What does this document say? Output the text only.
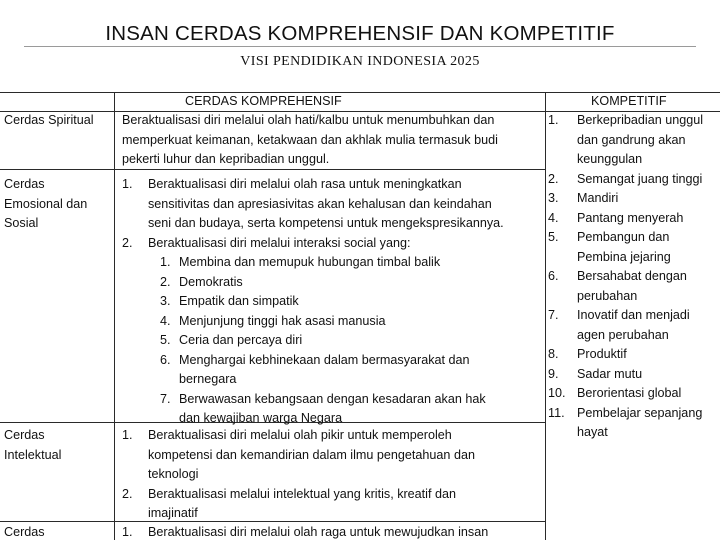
INSAN CERDAS KOMPREHENSIF DAN KOMPETITIF
VISI PENDIDIKAN INDONESIA 2025
CERDAS KOMPREHENSIF	KOMPETITIF
Cerdas Spiritual Beraktualisasi diri melalui olah hati/kalbu untuk menumbuhkan dan
memperkuat keimanan, ketakwaan dan akhlak mulia termasuk budi
pekerti luhur dan kepribadian unggul.
Cerdas
Emosional dan
Sosial
1. Beraktualisasi diri melalui olah rasa untuk meningkatkan
sensitivitas dan apresiasivitas akan kehalusan dan keindahan
seni dan budaya, serta kompetensi untuk mengekspresikannya.
2. Beraktualisasi diri melalui interaksi social yang:
1. Membina dan memupuk hubungan timbal balik
2. Demokratis
3. Empatik dan simpatik
4. Menjunjung tinggi hak asasi manusia
5. Ceria dan percaya diri
6. Menghargai kebhinekaan dalam bermasyarakat dan
bernegara
7. Berwawasan kebangsaan dengan kesadaran akan hak
dan kewajiban warga Negara
Cerdas
Intelektual
1. Beraktualisasi diri melalui olah pikir untuk memperoleh
kompetensi dan kemandirian dalam ilmu pengetahuan dan
teknologi
2. Beraktualisasi melalui intelektual yang kritis, kreatif dan
imajinatif
Cerdas	1. Beraktualisasi diri melalui olah raga untuk mewujudkan insan
1. Berkepribadian unggul
dan gandrung akan
keunggulan
2. Semangat juang tinggi
3. Mandiri
4. Pantang menyerah
5. Pembangun dan
Pembina jejaring
6. Bersahabat dengan
perubahan
7. Inovatif dan menjadi
agen perubahan
8. Produktif
9. Sadar mutu
10. Berorientasi global
11. Pembelajar sepanjang
hayat
